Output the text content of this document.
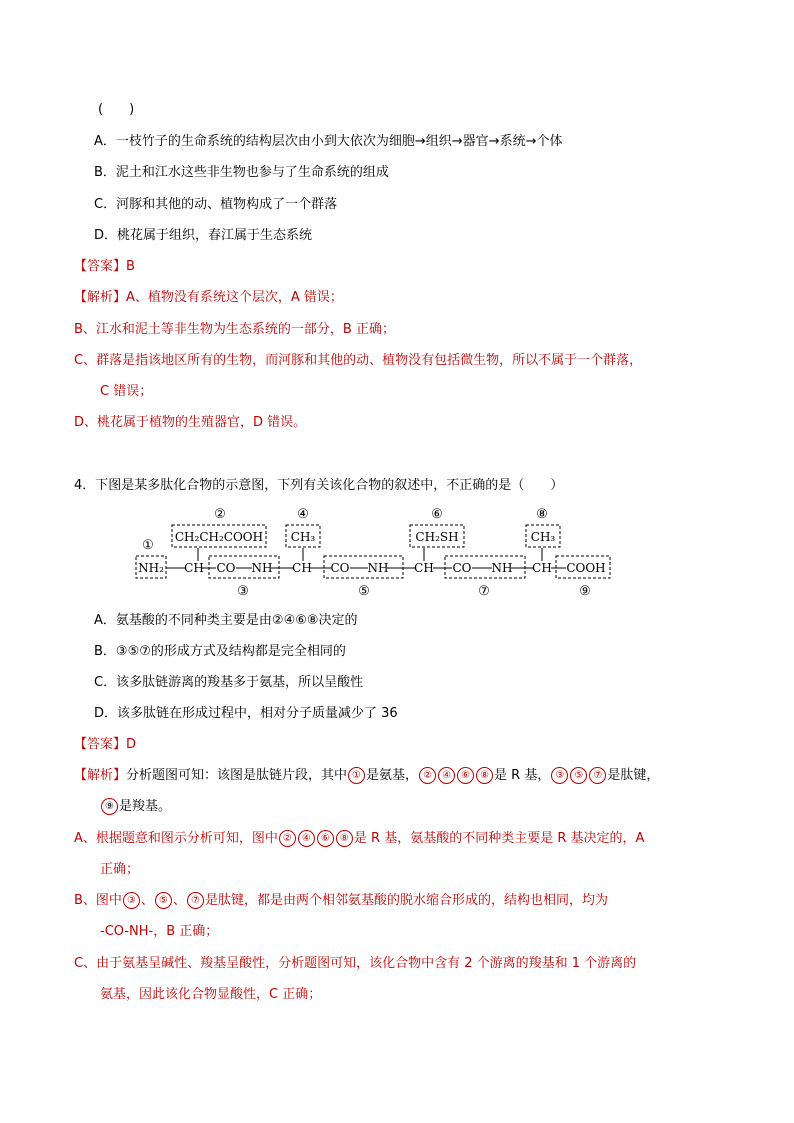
(　　)
A．一枝竹子的生命系统的结构层次由小到大依次为细胞→组织→器官→系统→个体
B．泥土和江水这些非生物也参与了生命系统的组成
C．河豚和其他的动、植物构成了一个群落
D．桃花属于组织，春江属于生态系统
【答案】B
【解析】A、植物没有系统这个层次，A 错误；
B、江水和泥土等非生物为生态系统的一部分，B 正确；
C、群落是指该地区所有的生物，而河豚和其他的动、植物没有包括微生物，所以不属于一个群落，
C 错误；
D、桃花属于植物的生殖器官，D 错误。
4．下图是某多肽化合物的示意图，下列有关该化合物的叙述中，不正确的是（　　）
②	④	⑥	⑧
①
CH₂CH₂COOH CH₃	CH₂SH	CH₃
NH₂ CH CO NH CH CO NH CH CO NH CH COOH
③	⑤	⑦	⑨
A．氨基酸的不同种类主要是由②④⑥⑧决定的
B．③⑤⑦的形成方式及结构都是完全相同的
C．该多肽链游离的羧基多于氨基，所以呈酸性
D．该多肽链在形成过程中，相对分子质量减少了 36
【答案】D
【解析】分析题图可知：该图是肽链片段，其中 ① 是氨基， ② ④ ⑥ ⑧ 是 R 基， ③ ⑤ ⑦ 是肽键，
⑨ 是羧基。
A、根据题意和图示分析可知，图中 ② ④ ⑥ ⑧ 是 R 基，氨基酸的不同种类主要是 R 基决定的，A
正确；
B、图中 ③ 、 ⑤ 、 ⑦ 是肽键，都是由两个相邻氨基酸的脱水缩合形成的，结构也相同，均为
-CO-NH-，B 正确；
C、由于氨基呈碱性、羧基呈酸性，分析题图可知，该化合物中含有 2 个游离的羧基和 1 个游离的
氨基，因此该化合物显酸性，C 正确；
